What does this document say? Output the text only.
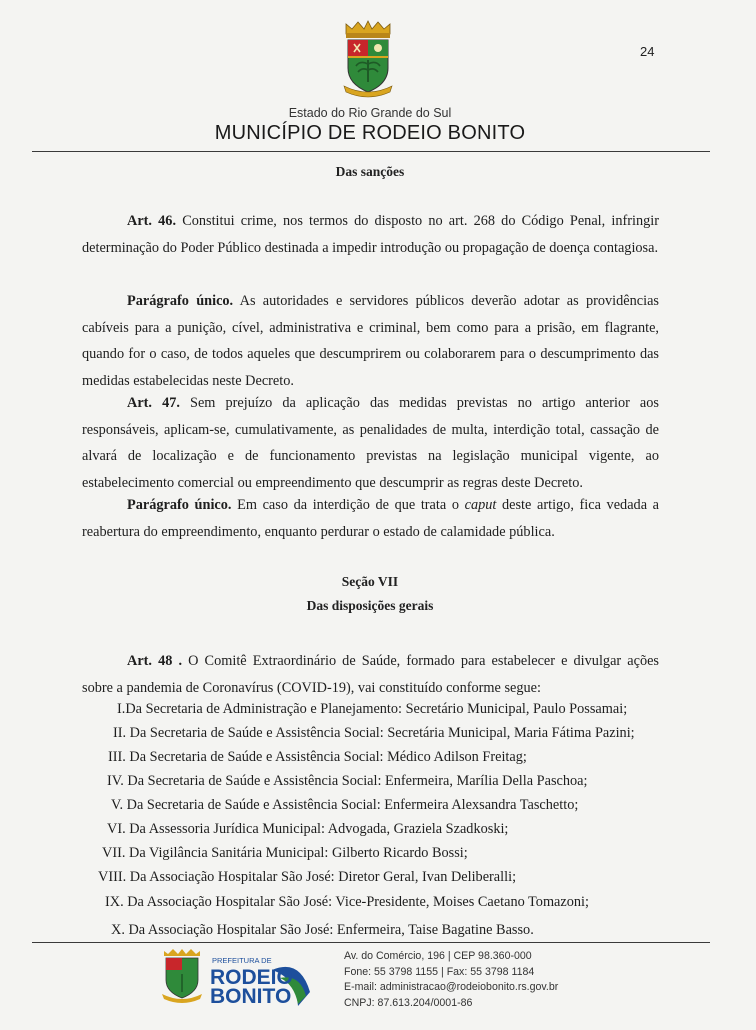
24
Estado do Rio Grande do Sul
MUNICÍPIO DE RODEIO BONITO
Das sanções

Art. 46. Constitui crime, nos termos do disposto no art. 268 do Código Penal, infringir determinação do Poder Público destinada a impedir introdução ou propagação de doença contagiosa.

Parágrafo único. As autoridades e servidores públicos deverão adotar as providências cabíveis para a punição, cível, administrativa e criminal, bem como para a prisão, em flagrante, quando for o caso, de todos aqueles que descumprirem ou colaborarem para o descumprimento das medidas estabelecidas neste Decreto.

Art. 47. Sem prejuízo da aplicação das medidas previstas no artigo anterior aos responsáveis, aplicam-se, cumulativamente, as penalidades de multa, interdição total, cassação de alvará de localização e de funcionamento previstas na legislação municipal vigente, ao estabelecimento comercial ou empreendimento que descumprir as regras deste Decreto.

Parágrafo único. Em caso da interdição de que trata o caput deste artigo, fica vedada a reabertura do empreendimento, enquanto perdurar o estado de calamidade pública.

Seção VII
Das disposições gerais

Art. 48 . O Comitê Extraordinário de Saúde, formado para estabelecer e divulgar ações sobre a pandemia de Coronavírus (COVID-19), vai constituído conforme segue:

I.Da Secretaria de Administração e Planejamento: Secretário Municipal, Paulo Possamai;
II. Da Secretaria de Saúde e Assistência Social: Secretária Municipal, Maria Fátima Pazini;
III. Da Secretaria de Saúde e Assistência Social: Médico Adilson Freitag;
IV. Da Secretaria de Saúde e Assistência Social: Enfermeira, Marília Della Paschoa;
V. Da Secretaria de Saúde e Assistência Social: Enfermeira Alexsandra Taschetto;
VI. Da Assessoria Jurídica Municipal: Advogada, Graziela Szadkoski;
VII. Da Vigilância Sanitária Municipal: Gilberto Ricardo Bossi;
VIII. Da Associação Hospitalar São José: Diretor Geral, Ivan Deliberalli;
IX. Da Associação Hospitalar São José: Vice-Presidente, Moises Caetano Tomazoni;
X. Da Associação Hospitalar São José: Enfermeira, Taise Bagatine Basso.
PREFEITURA DE
RODEIO
BONITO
Av. do Comércio, 196 | CEP 98.360-000
Fone: 55 3798 1155 | Fax: 55 3798 1184
E-mail: administracao@rodeiobonito.rs.gov.br
CNPJ: 87.613.204/0001-86
